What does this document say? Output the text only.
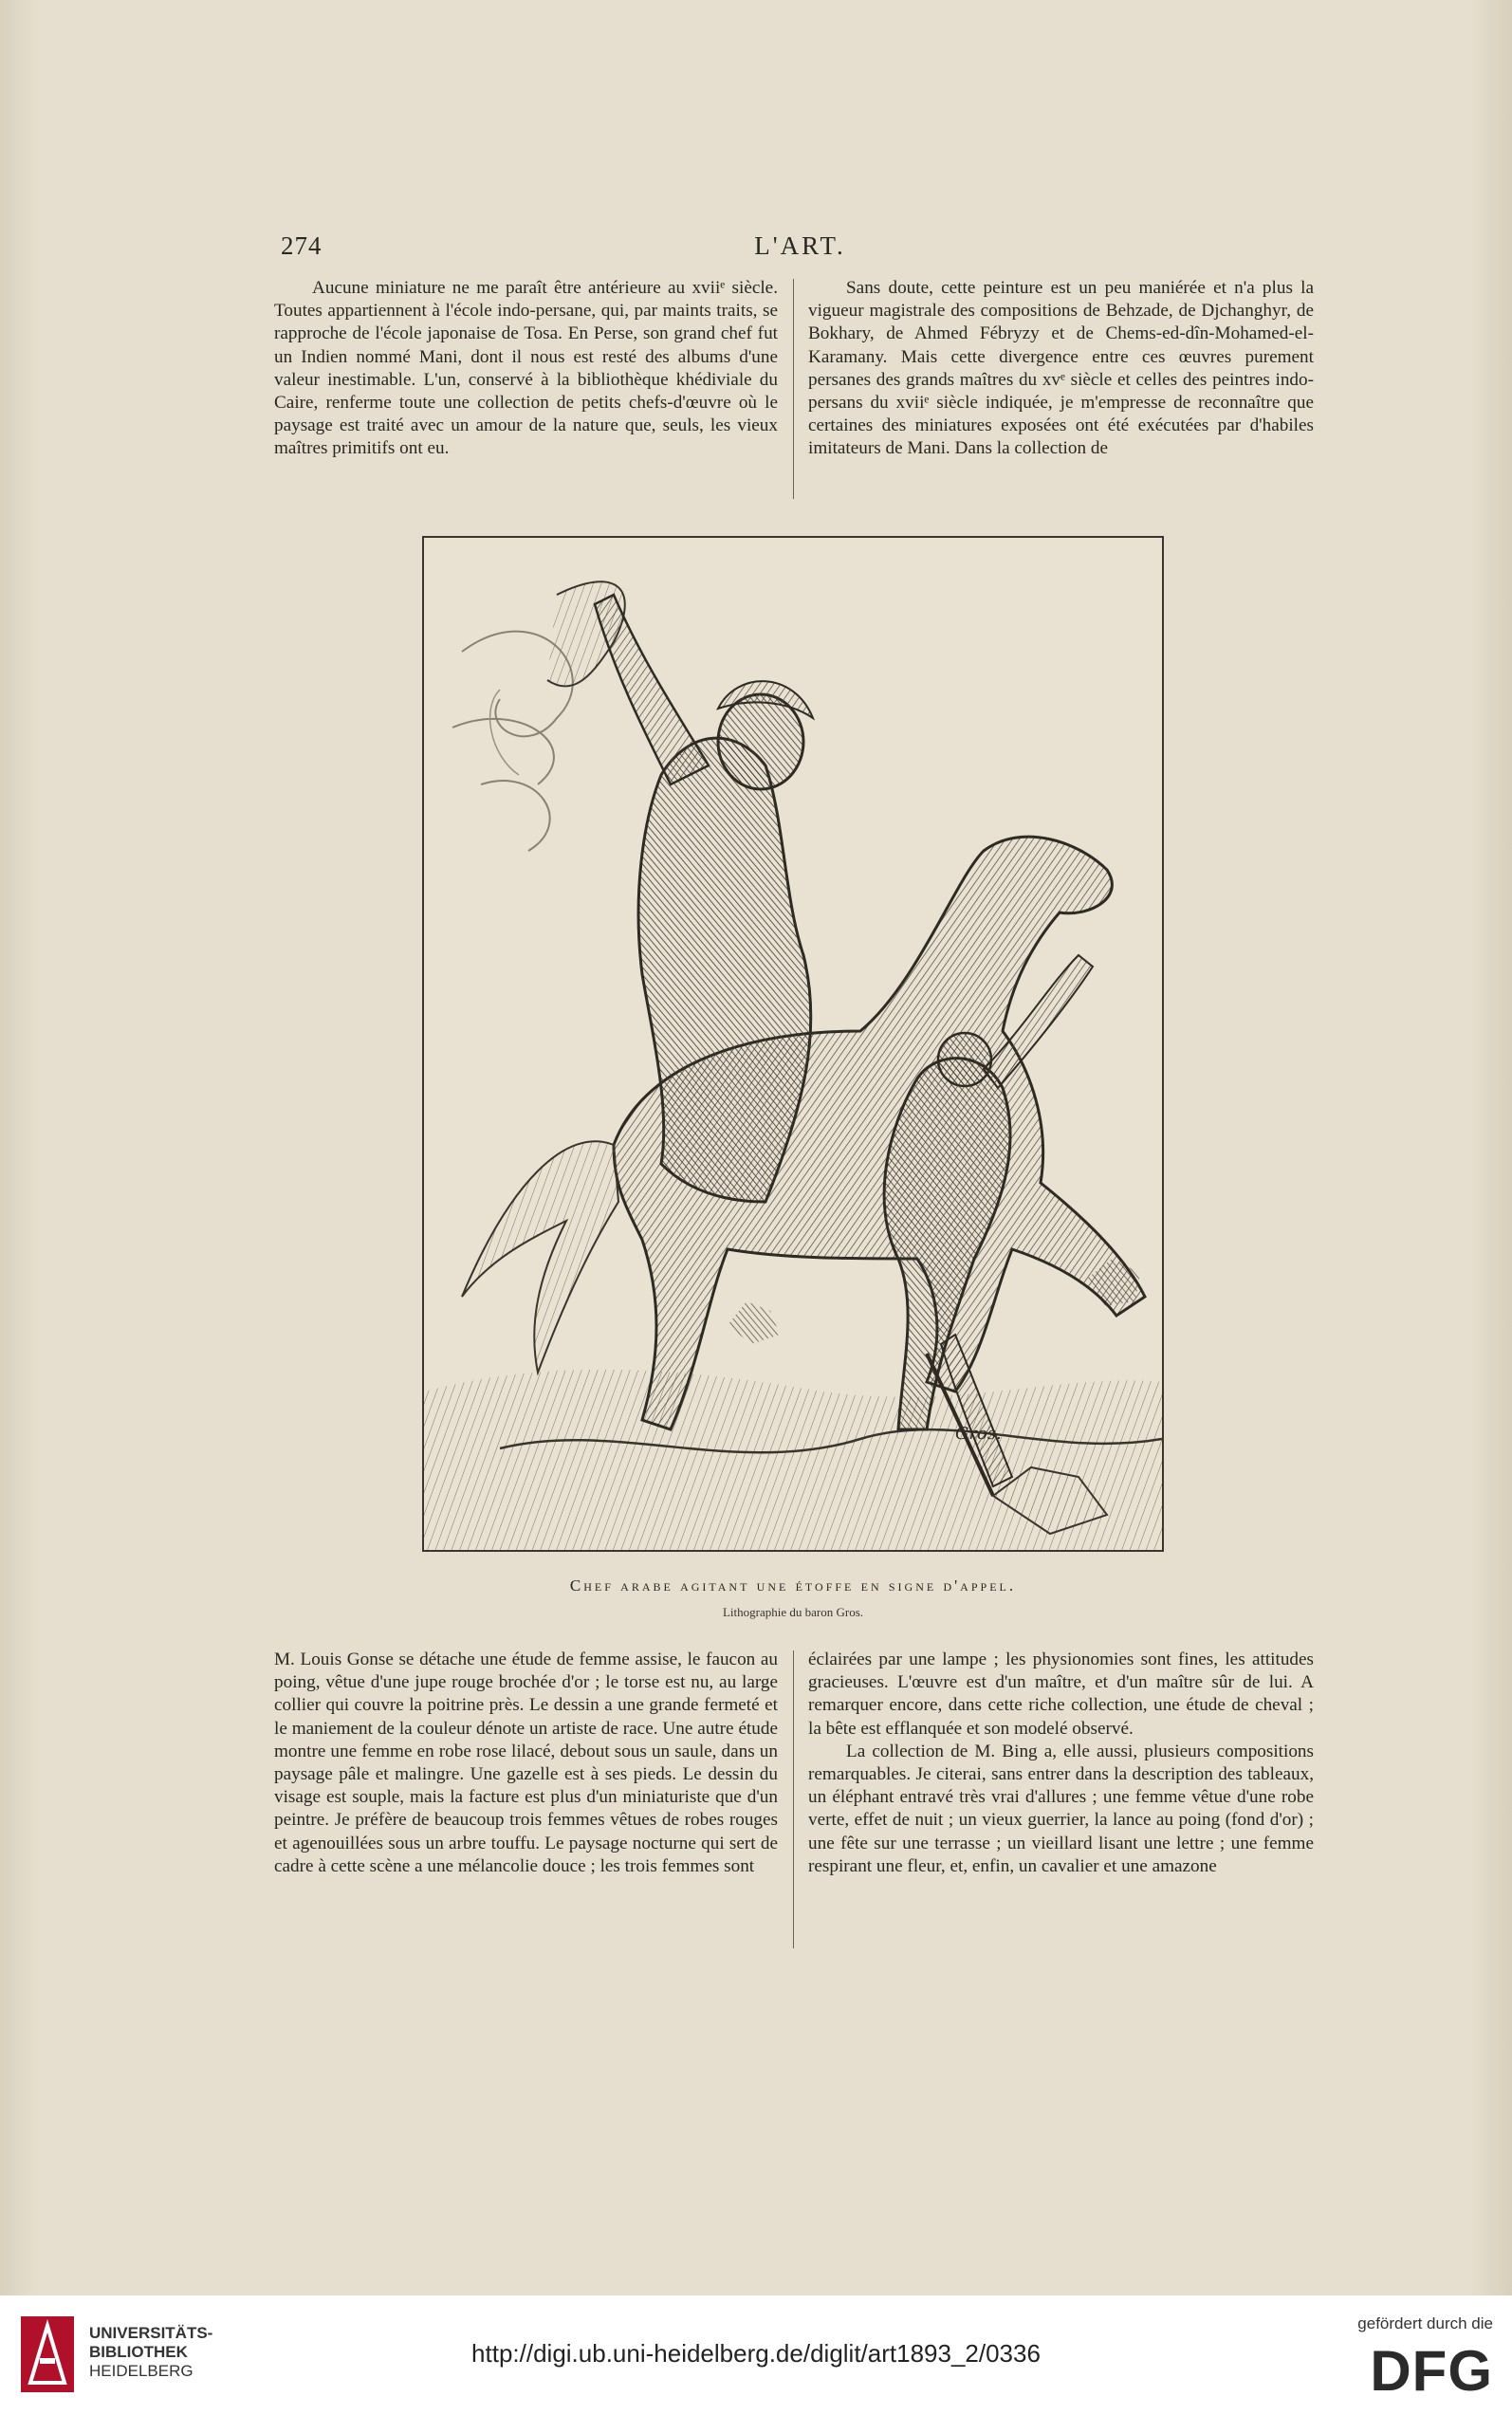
274	L'ART.

Aucune miniature ne me paraît être antérieure au xviiᵉ siècle. Toutes appartiennent à l'école indo-persane, qui, par maints traits, se rapproche de l'école japonaise de Tosa. En Perse, son grand chef fut un Indien nommé Mani, dont il nous est resté des albums d'une valeur inestimable. L'un, conservé à la bibliothèque khédiviale du Caire, renferme toute une collection de petits chefs-d'œuvre où le paysage est traité avec un amour de la nature que, seuls, les vieux maîtres primitifs ont eu.

Sans doute, cette peinture est un peu maniérée et n'a plus la vigueur magistrale des compositions de Behzade, de Djchanghyr, de Bokhary, de Ahmed Fébryzy et de Chems-ed-dîn-Mohamed-el-Karamany. Mais cette divergence entre ces œuvres purement persanes des grands maîtres du xvᵉ siècle et celles des peintres indo-persans du xviiᵉ siècle indiquée, je m'empresse de reconnaître que certaines des miniatures exposées ont été exécutées par d'habiles imitateurs de Mani. Dans la collection de

Gros.
Chef arabe agitant une étoffe en signe d'appel.
Lithographie du baron Gros.

M. Louis Gonse se détache une étude de femme assise, le faucon au poing, vêtue d'une jupe rouge brochée d'or ; le torse est nu, au large collier qui couvre la poitrine près. Le dessin a une grande fermeté et le maniement de la couleur dénote un artiste de race. Une autre étude montre une femme en robe rose lilacé, debout sous un saule, dans un paysage pâle et malingre. Une gazelle est à ses pieds. Le dessin du visage est souple, mais la facture est plus d'un miniaturiste que d'un peintre. Je préfère de beaucoup trois femmes vêtues de robes rouges et agenouillées sous un arbre touffu. Le paysage nocturne qui sert de cadre à cette scène a une mélancolie douce ; les trois femmes sont

éclairées par une lampe ; les physionomies sont fines, les attitudes gracieuses. L'œuvre est d'un maître, et d'un maître sûr de lui. A remarquer encore, dans cette riche collection, une étude de cheval ; la bête est efflanquée et son modelé observé.

La collection de M. Bing a, elle aussi, plusieurs compositions remarquables. Je citerai, sans entrer dans la description des tableaux, un éléphant entravé très vrai d'allures ; une femme vêtue d'une robe verte, effet de nuit ; un vieux guerrier, la lance au poing (fond d'or) ; une fête sur une terrasse ; un vieillard lisant une lettre ; une femme respirant une fleur, et, enfin, un cavalier et une amazone

UNIVERSITÄTS-
BIBLIOTHEK
HEIDELBERG
http://digi.ub.uni-heidelberg.de/diglit/art1893_2/0336
gefördert durch die
DFG
